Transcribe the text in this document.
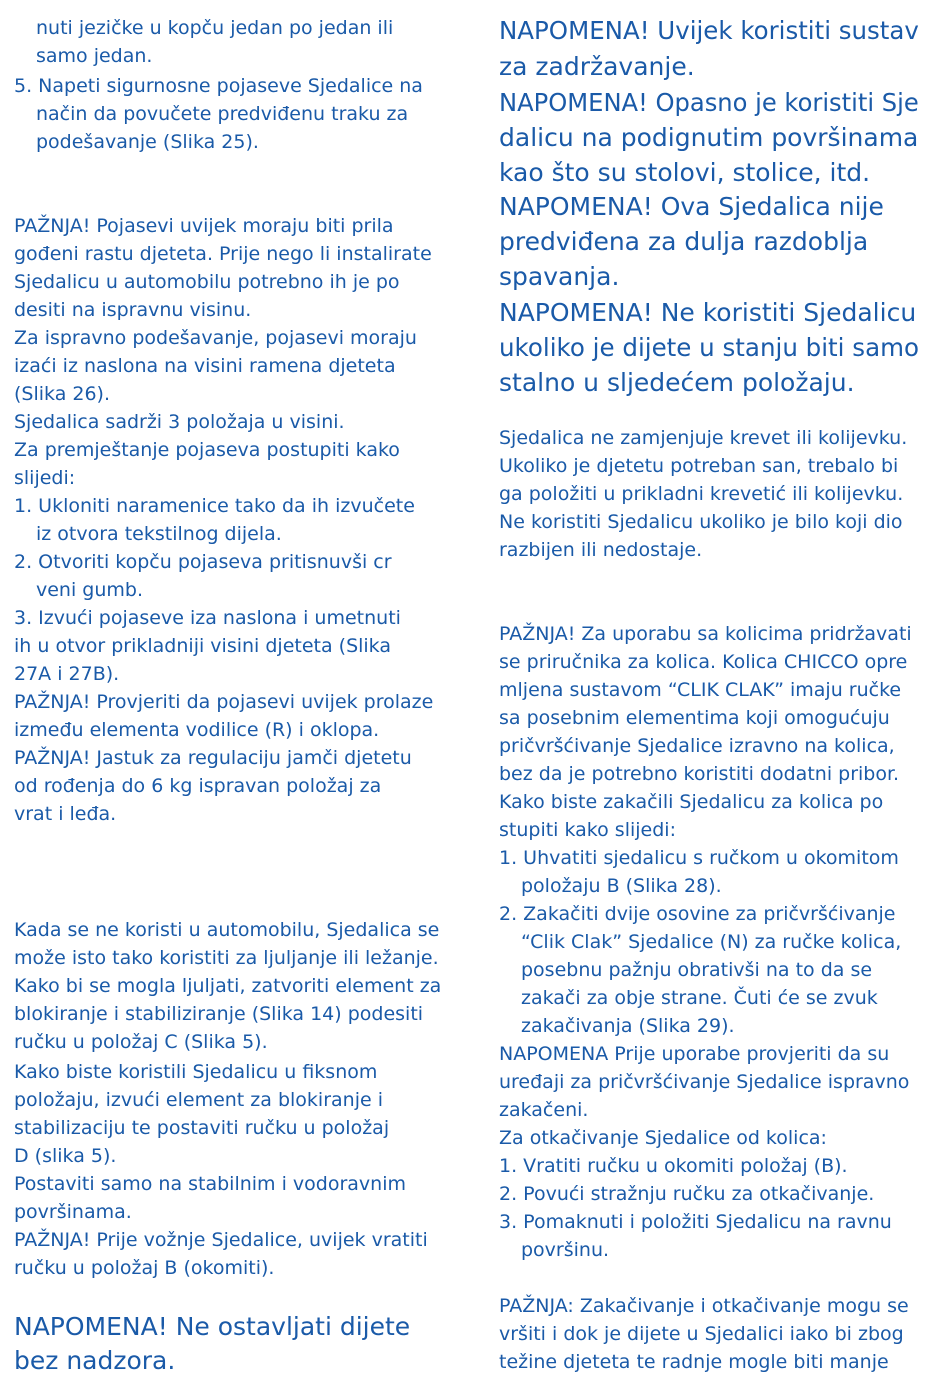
nuti jezičke u kopču jedan po jedan ili
samo jedan.
5. Napeti sigurnosne pojaseve Sjedalice na
način da povučete predviđenu traku za
podešavanje (Slika 25).
PAŽNJA! Pojasevi uvijek moraju biti prila
gođeni rastu djeteta. Prije nego li instalirate
Sjedalicu u automobilu potrebno ih je po
desiti na ispravnu visinu.
Za ispravno podešavanje, pojasevi moraju
izaći iz naslona na visini ramena djeteta
(Slika 26).
Sjedalica sadrži 3 položaja u visini.
Za premještanje pojaseva postupiti kako
slijedi:
1. Ukloniti naramenice tako da ih izvučete
iz otvora tekstilnog dijela.
2. Otvoriti kopču pojaseva pritisnuvši cr
veni gumb.
3. Izvući pojaseve iza naslona i umetnuti
ih u otvor prikladniji visini djeteta (Slika
27A i 27B).
PAŽNJA! Provjeriti da pojasevi uvijek prolaze
između elementa vodilice (R) i oklopa.
PAŽNJA! Jastuk za regulaciju jamči djetetu
od rođenja do 6 kg ispravan položaj za
vrat i leđa.
Kada se ne koristi u automobilu, Sjedalica se
može isto tako koristiti za ljuljanje ili ležanje.
Kako bi se mogla ljuljati, zatvoriti element za
blokiranje i stabiliziranje (Slika 14) podesiti
ručku u položaj C (Slika 5).
Kako biste koristili Sjedalicu u fiksnom
položaju, izvući element za blokiranje i
stabilizaciju te postaviti ručku u položaj
D (slika 5).
Postaviti samo na stabilnim i vodoravnim
površinama.
PAŽNJA! Prije vožnje Sjedalice, uvijek vratiti
ručku u položaj B (okomiti).
NAPOMENA! Ne ostavljati dijete
bez nadzora.
NAPOMENA! Uvijek koristiti sustav
za zadržavanje.
NAPOMENA! Opasno je koristiti Sje
dalicu na podignutim površinama
kao što su stolovi, stolice, itd.
NAPOMENA! Ova Sjedalica nije
predviđena za dulja razdoblja
spavanja.
NAPOMENA! Ne koristiti Sjedalicu
ukoliko je dijete u stanju biti samo
stalno u sljedećem položaju.
Sjedalica ne zamjenjuje krevet ili kolijevku.
Ukoliko je djetetu potreban san, trebalo bi
ga položiti u prikladni krevetić ili kolijevku.
Ne koristiti Sjedalicu ukoliko je bilo koji dio
razbijen ili nedostaje.
PAŽNJA! Za uporabu sa kolicima pridržavati
se priručnika za kolica. Kolica CHICCO opre
mljena sustavom “CLIK CLAK” imaju ručke
sa posebnim elementima koji omogućuju
pričvršćivanje Sjedalice izravno na kolica,
bez da je potrebno koristiti dodatni pribor.
Kako biste zakačili Sjedalicu za kolica po
stupiti kako slijedi:
1. Uhvatiti sjedalicu s ručkom u okomitom
položaju B (Slika 28).
2. Zakačiti dvije osovine za pričvršćivanje
“Clik Clak” Sjedalice (N) za ručke kolica,
posebnu pažnju obrativši na to da se
zakači za obje strane. Čuti će se zvuk
zakačivanja (Slika 29).
NAPOMENA Prije uporabe provjeriti da su
uređaji za pričvršćivanje Sjedalice ispravno
zakačeni.
Za otkačivanje Sjedalice od kolica:
1. Vratiti ručku u okomiti položaj (B).
2. Povući stražnju ručku za otkačivanje.
3. Pomaknuti i položiti Sjedalicu na ravnu
površinu.
PAŽNJA: Zakačivanje i otkačivanje mogu se
vršiti i dok je dijete u Sjedalici iako bi zbog
težine djeteta te radnje mogle biti manje
